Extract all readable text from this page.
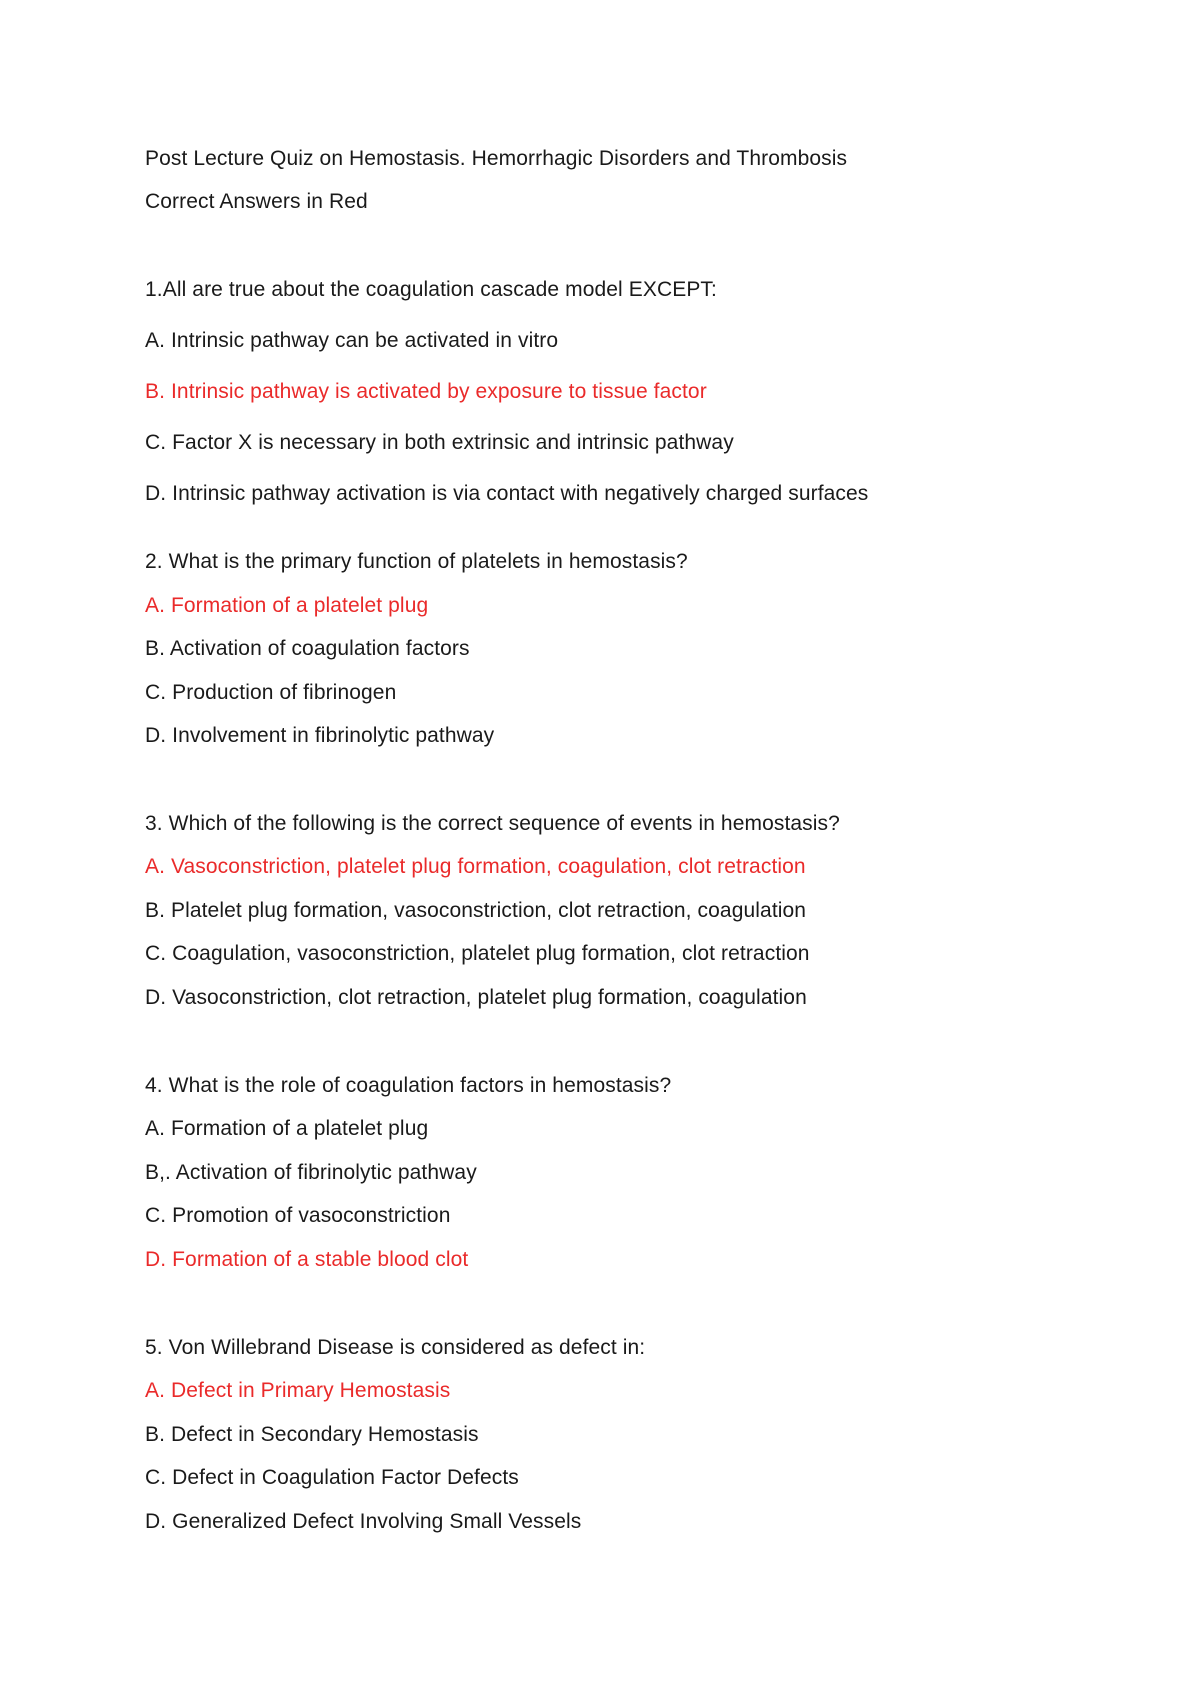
Post Lecture Quiz on Hemostasis. Hemorrhagic Disorders and Thrombosis
Correct Answers in Red
1.All are true about the coagulation cascade model EXCEPT:
A. Intrinsic pathway can be activated in vitro
B. Intrinsic pathway is activated by exposure to tissue factor
C. Factor X is necessary in both extrinsic and intrinsic pathway
D. Intrinsic pathway activation is via contact with negatively charged surfaces
2. What is the primary function of platelets in hemostasis?
A. Formation of a platelet plug
B. Activation of coagulation factors
C. Production of fibrinogen
D. Involvement in fibrinolytic pathway
3. Which of the following is the correct sequence of events in hemostasis?
A. Vasoconstriction, platelet plug formation, coagulation, clot retraction
B. Platelet plug formation, vasoconstriction, clot retraction, coagulation
C. Coagulation, vasoconstriction, platelet plug formation, clot retraction
D. Vasoconstriction, clot retraction, platelet plug formation, coagulation
4. What is the role of coagulation factors in hemostasis?
A. Formation of a platelet plug
B,. Activation of fibrinolytic pathway
C. Promotion of vasoconstriction
D. Formation of a stable blood clot
5. Von Willebrand Disease is considered as defect in:
A. Defect in Primary Hemostasis
B. Defect in Secondary Hemostasis
C. Defect in Coagulation Factor Defects
D. Generalized Defect Involving Small Vessels
